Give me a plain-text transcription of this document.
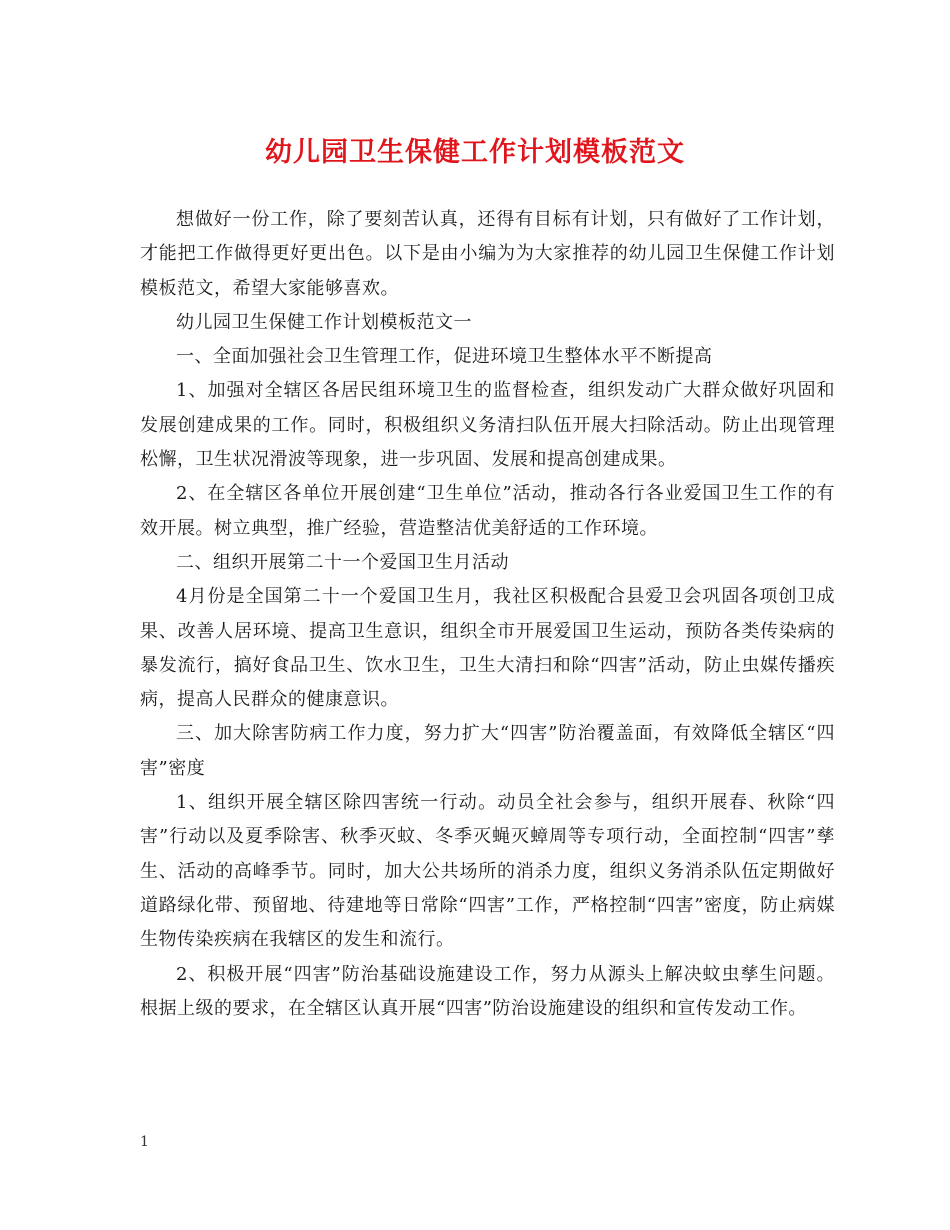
幼儿园卫生保健工作计划模板范文

想做好一份工作，除了要刻苦认真，还得有目标有计划，只有做好了工作计划，才能把工作做得更好更出色。以下是由小编为为大家推荐的幼儿园卫生保健工作计划模板范文，希望大家能够喜欢。

幼儿园卫生保健工作计划模板范文一

一、全面加强社会卫生管理工作，促进环境卫生整体水平不断提高

1、加强对全辖区各居民组环境卫生的监督检查，组织发动广大群众做好巩固和发展创建成果的工作。同时，积极组织义务清扫队伍开展大扫除活动。防止出现管理松懈，卫生状况滑波等现象，进一步巩固、发展和提高创建成果。

2、在全辖区各单位开展创建“卫生单位”活动，推动各行各业爱国卫生工作的有效开展。树立典型，推广经验，营造整洁优美舒适的工作环境。

二、组织开展第二十一个爱国卫生月活动

4月份是全国第二十一个爱国卫生月，我社区积极配合县爱卫会巩固各项创卫成果、改善人居环境、提高卫生意识，组织全市开展爱国卫生运动，预防各类传染病的暴发流行，搞好食品卫生、饮水卫生，卫生大清扫和除“四害”活动，防止虫媒传播疾病，提高人民群众的健康意识。

三、加大除害防病工作力度，努力扩大“四害”防治覆盖面，有效降低全辖区“四害”密度

1、组织开展全辖区除四害统一行动。动员全社会参与，组织开展春、秋除“四害”行动以及夏季除害、秋季灭蚊、冬季灭蝇灭蟑周等专项行动，全面控制“四害”孳生、活动的高峰季节。同时，加大公共场所的消杀力度，组织义务消杀队伍定期做好道路绿化带、预留地、待建地等日常除“四害”工作，严格控制“四害”密度，防止病媒生物传染疾病在我辖区的发生和流行。

2、积极开展“四害”防治基础设施建设工作，努力从源头上解决蚊虫孳生问题。根据上级的要求，在全辖区认真开展“四害”防治设施建设的组织和宣传发动工作。

1
